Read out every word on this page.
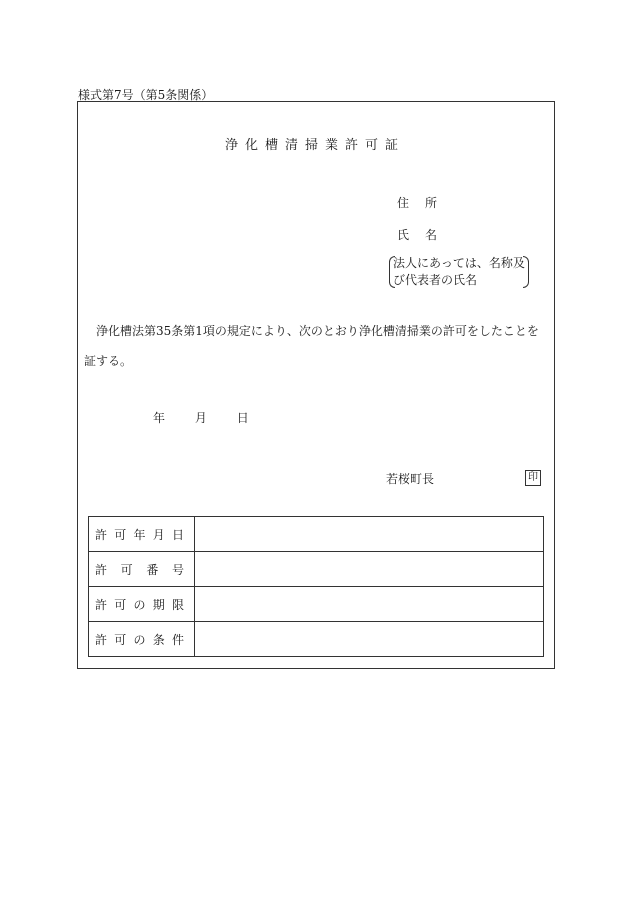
様式第7号（第5条関係）
浄化槽清掃業許可証
住所
氏名
法人にあっては、名称及
び代表者の氏名
浄化槽法第35条第1項の規定により、次のとおり浄化槽清掃業の許可をしたことを証する。
年 月 日
若桜町長	印
許 可 年 月 日	

許 可 番 号	

許 可 の 期 限	

許 可 の 条 件	
